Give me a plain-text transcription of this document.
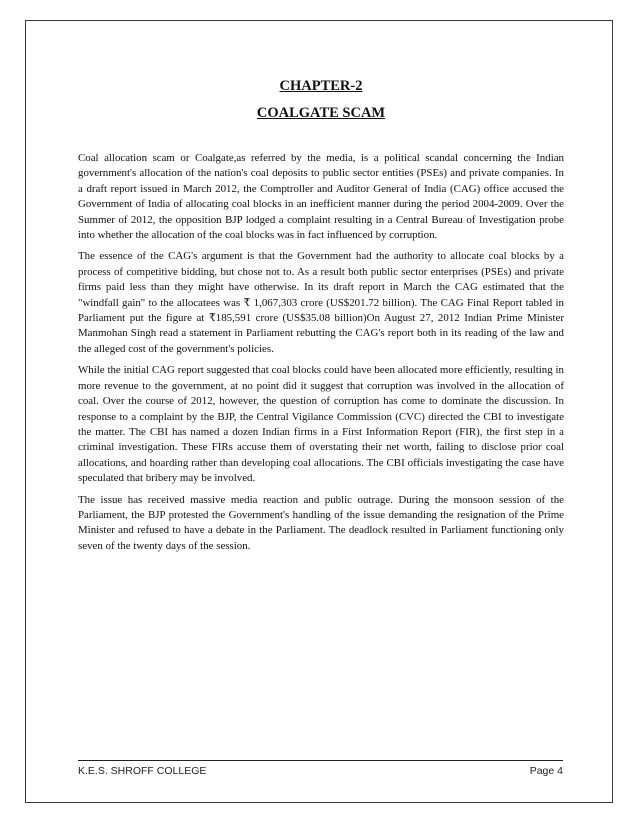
CHAPTER-2
COALGATE SCAM

Coal allocation scam or Coalgate,as referred by the media, is a political scandal concerning the Indian government's allocation of the nation's coal deposits to public sector entities (PSEs) and private companies. In a draft report issued in March 2012, the Comptroller and Auditor General of India (CAG) office accused the Government of India of allocating coal blocks in an inefficient manner during the period 2004-2009. Over the Summer of 2012, the opposition BJP lodged a complaint resulting in a Central Bureau of Investigation probe into whether the allocation of the coal blocks was in fact influenced by corruption.

The essence of the CAG's argument is that the Government had the authority to allocate coal blocks by a process of competitive bidding, but chose not to. As a result both public sector enterprises (PSEs) and private firms paid less than they might have otherwise. In its draft report in March the CAG estimated that the "windfall gain" to the allocatees was ₹ 1,067,303 crore (US$201.72 billion). The CAG Final Report tabled in Parliament put the figure at ₹185,591 crore (US$35.08 billion)On August 27, 2012 Indian Prime Minister Manmohan Singh read a statement in Parliament rebutting the CAG's report both in its reading of the law and the alleged cost of the government's policies.

While the initial CAG report suggested that coal blocks could have been allocated more efficiently, resulting in more revenue to the government, at no point did it suggest that corruption was involved in the allocation of coal. Over the course of 2012, however, the question of corruption has come to dominate the discussion. In response to a complaint by the BJP, the Central Vigilance Commission (CVC) directed the CBI to investigate the matter. The CBI has named a dozen Indian firms in a First Information Report (FIR), the first step in a criminal investigation. These FIRs accuse them of overstating their net worth, failing to disclose prior coal allocations, and hoarding rather than developing coal allocations. The CBI officials investigating the case have speculated that bribery may be involved.

The issue has received massive media reaction and public outrage. During the monsoon session of the Parliament, the BJP protested the Government's handling of the issue demanding the resignation of the Prime Minister and refused to have a debate in the Parliament. The deadlock resulted in Parliament functioning only seven of the twenty days of the session.

K.E.S. SHROFF COLLEGE	Page 4
